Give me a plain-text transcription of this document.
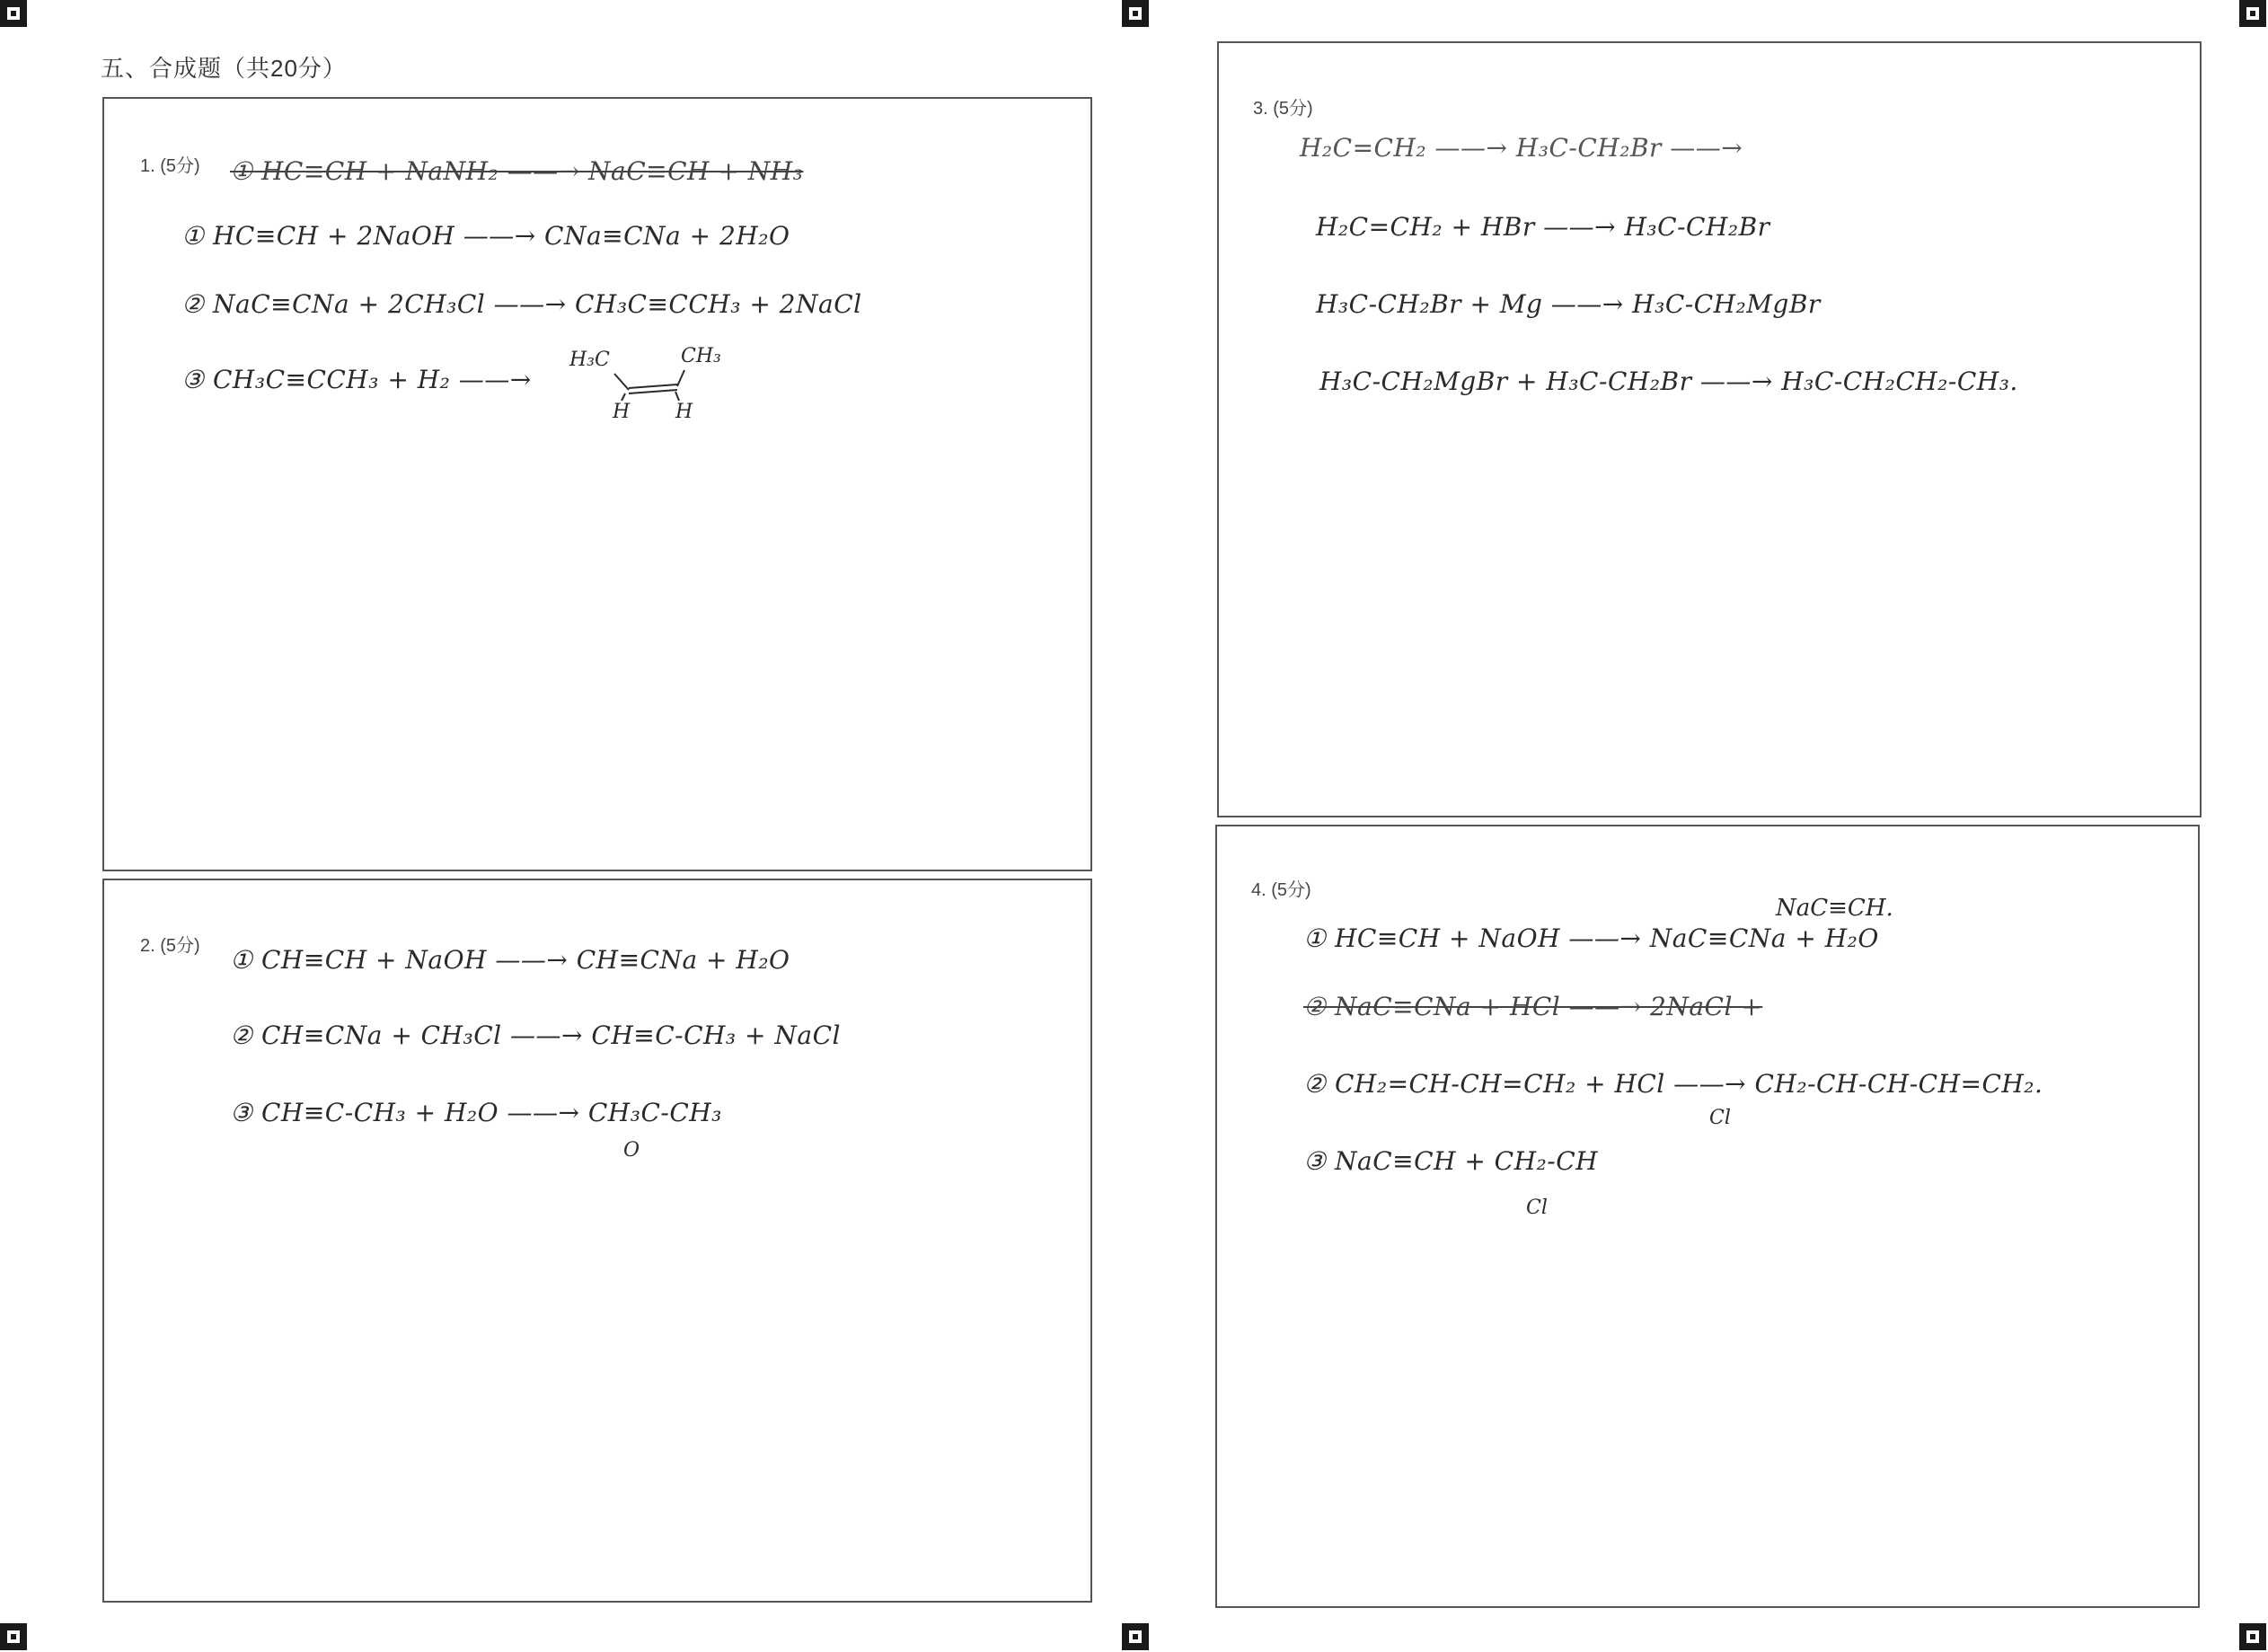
五、合成题（共20分）
1. (5分) ① HC≡CH + NaNH₂ ——→ NaC≡CH + NH₃
① HC≡CH + 2NaOH ——→ CNa≡CNa + 2H₂O
② NaC≡CNa + 2CH₃Cl ——→ CH₃C≡CCH₃ + 2NaCl
③ CH₃C≡CCH₃ + H₂ ——→
H₃C	CH₃
H H
2. (5分) ① CH≡CH + NaOH ——→ CH≡CNa + H₂O
② CH≡CNa + CH₃Cl ——→ CH≡C-CH₃ + NaCl
③ CH≡C-CH₃ + H₂O ——→ CH₃C-CH₃
O
3. (5分)
H₂C=CH₂ ——→ H₃C-CH₂Br ——→
H₂C=CH₂ + HBr ——→ H₃C-CH₂Br
H₃C-CH₂Br + Mg ——→ H₃C-CH₂MgBr
H₃C-CH₂MgBr + H₃C-CH₂Br ——→ H₃C-CH₂CH₂-CH₃.
4. (5分)
NaC≡CH.
① HC≡CH + NaOH ——→ NaC≡CNa + H₂O
② NaC≡CNa + HCl ——→ 2NaCl +
② CH₂=CH-CH=CH₂ + HCl ——→ CH₂-CH-CH-CH=CH₂.
Cl
③ NaC≡CH + CH₂-CH
Cl
